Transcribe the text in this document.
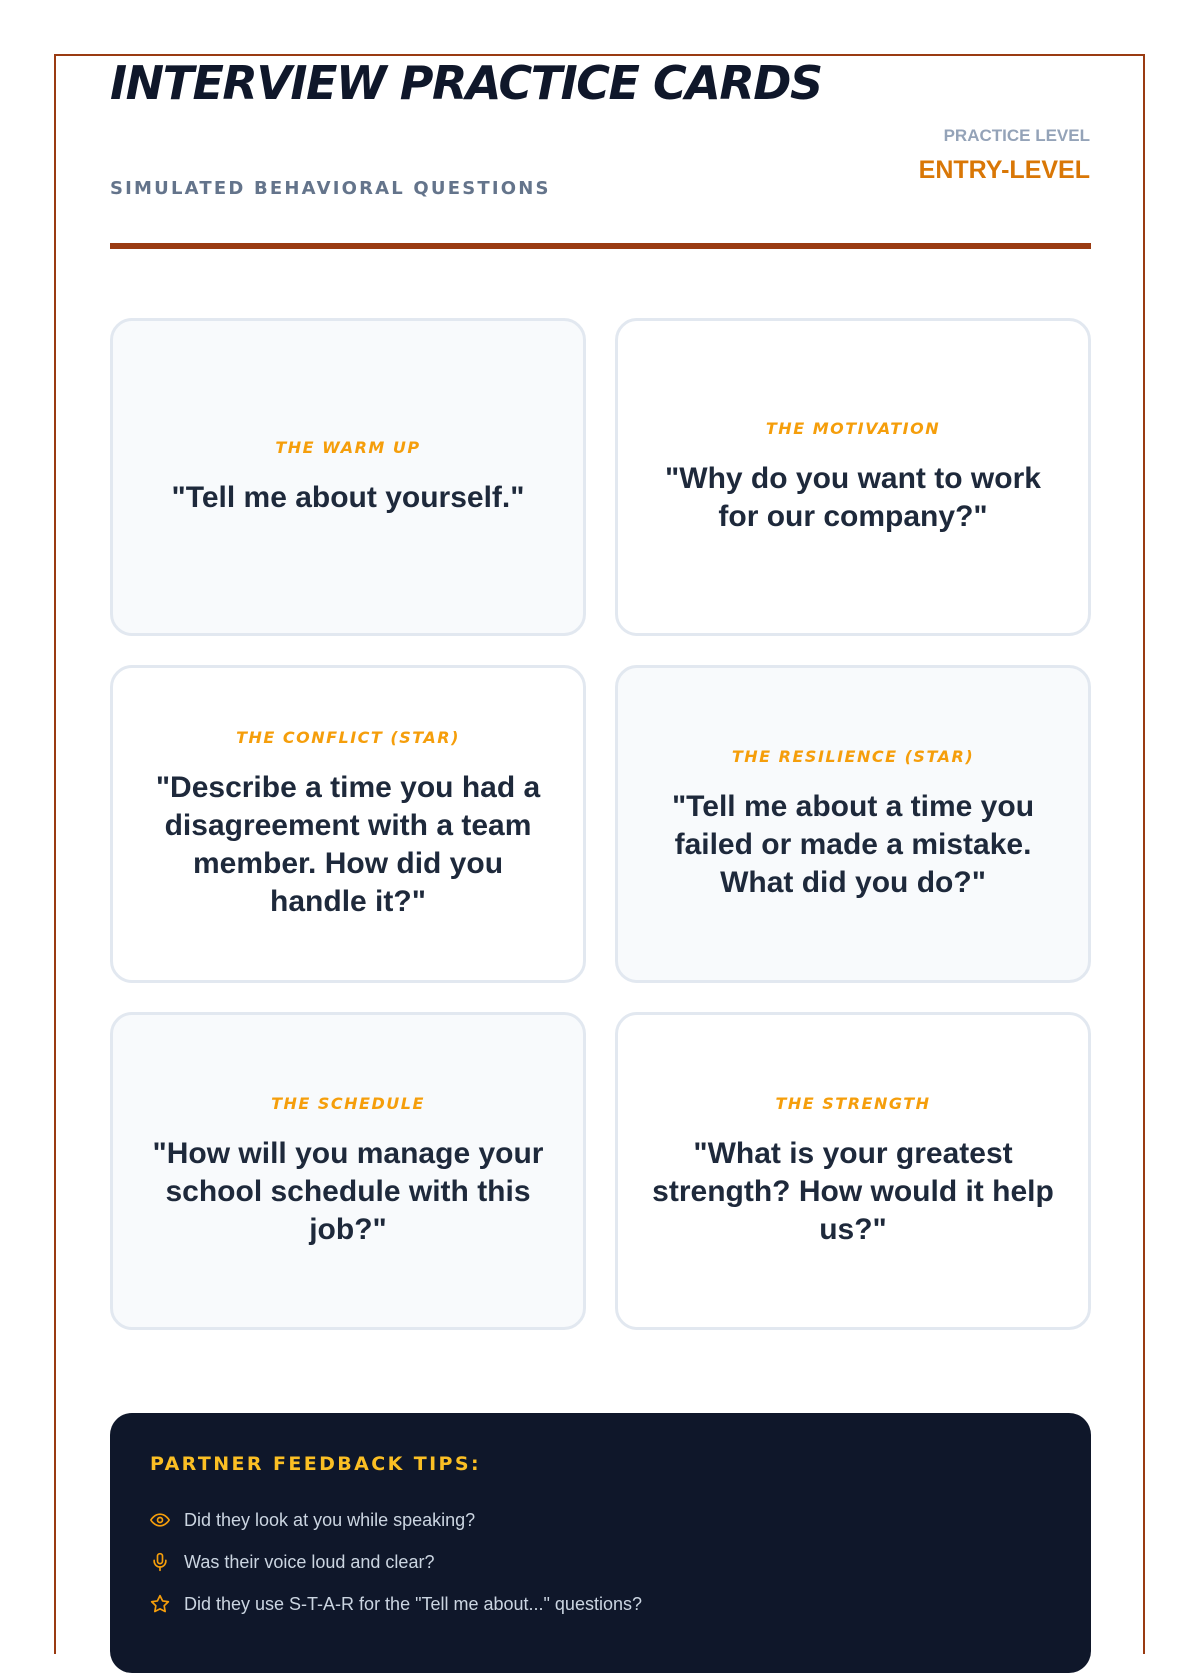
INTERVIEW PRACTICE CARDS
SIMULATED BEHAVIORAL QUESTIONS
PRACTICE LEVEL
ENTRY-LEVEL
THE WARM UP
"Tell me about yourself."
THE MOTIVATION
"Why do you want to work for our company?"
THE CONFLICT (STAR)
"Describe a time you had a disagreement with a team member. How did you handle it?"
THE RESILIENCE (STAR)
"Tell me about a time you failed or made a mistake. What did you do?"
THE SCHEDULE
"How will you manage your school schedule with this job?"
THE STRENGTH
"What is your greatest strength? How would it help us?"
PARTNER FEEDBACK TIPS:
Did they look at you while speaking?
Was their voice loud and clear?
Did they use S-T-A-R for the "Tell me about..." questions?
